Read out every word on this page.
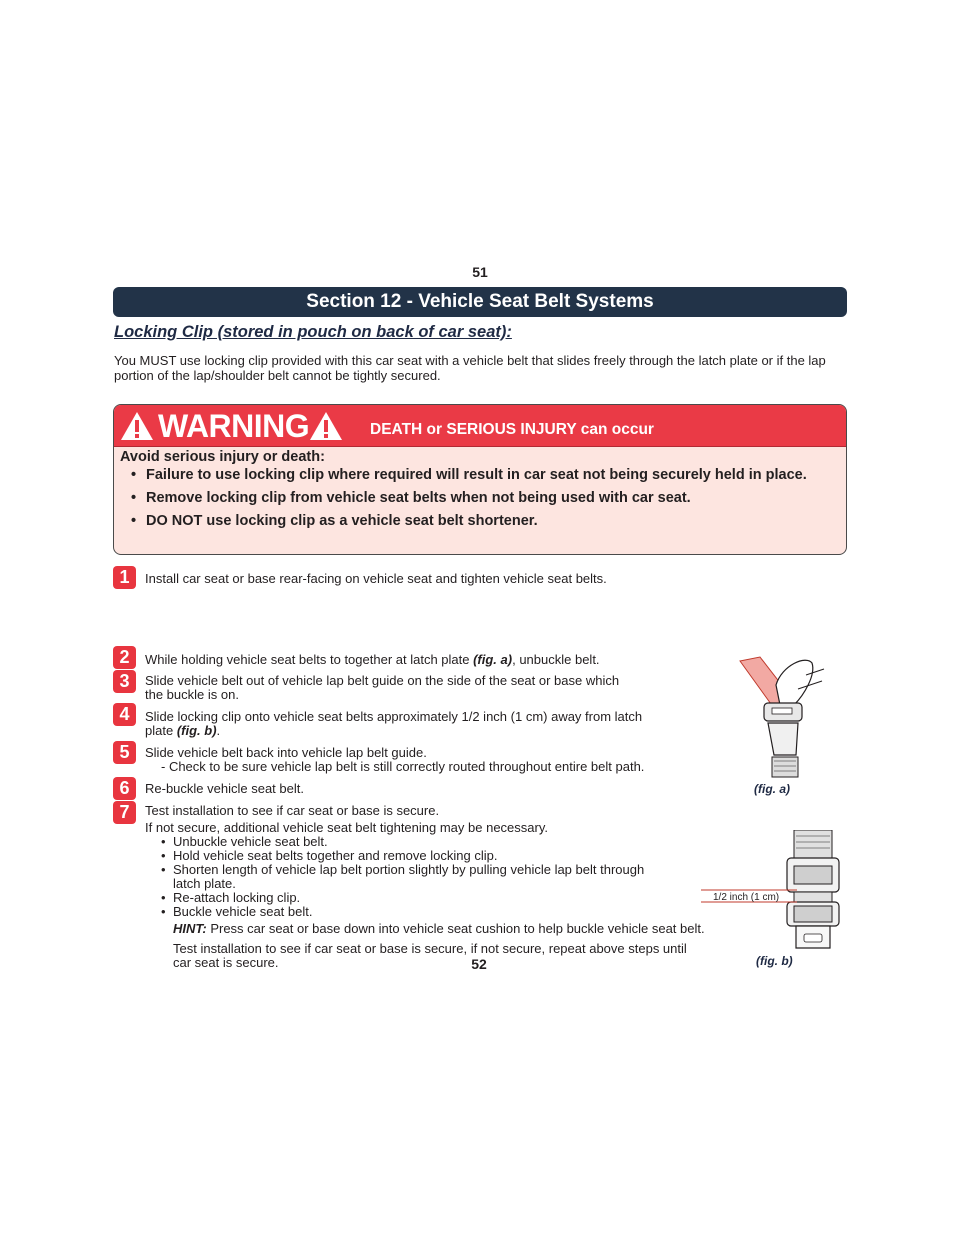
51
Section 12 - Vehicle Seat Belt Systems
Locking Clip (stored in pouch on back of car seat):
You MUST use locking clip provided with this car seat with a vehicle belt that slides freely through the latch plate or if the lap portion of the lap/shoulder belt cannot be tightly secured.
WARNING	DEATH or SERIOUS INJURY can occur
Avoid serious injury or death:
• Failure to use locking clip where required will result in car seat not being securely held in place.
• Remove locking clip from vehicle seat belts when not being used with car seat.
• DO NOT use locking clip as a vehicle seat belt shortener.
1	Install car seat or base rear-facing on vehicle seat and tighten vehicle seat belts.
2	While holding vehicle seat belts to together at latch plate (fig. a), unbuckle belt.
3	Slide vehicle belt out of vehicle lap belt guide on the side of the seat or base which
the buckle is on.
4	Slide locking clip onto vehicle seat belts approximately 1/2 inch (1 cm) away from latch
plate (fig. b).
5	Slide vehicle belt back into vehicle lap belt guide.
- Check to be sure vehicle lap belt is still correctly routed throughout entire belt path.
6	Re-buckle vehicle seat belt.
7	Test installation to see if car seat or base is secure.
If not secure, additional vehicle seat belt tightening may be necessary.
• Unbuckle vehicle seat belt.
• Hold vehicle seat belts together and remove locking clip.
• Shorten length of vehicle lap belt portion slightly by pulling vehicle lap belt through
latch plate.
• Re-attach locking clip.
• Buckle vehicle seat belt.
HINT: Press car seat or base down into vehicle seat cushion to help buckle vehicle seat belt.
Test installation to see if car seat or base is secure, if not secure, repeat above steps until
car seat is secure.
(fig. a)
1/2 inch (1 cm)
(fig. b)
52
